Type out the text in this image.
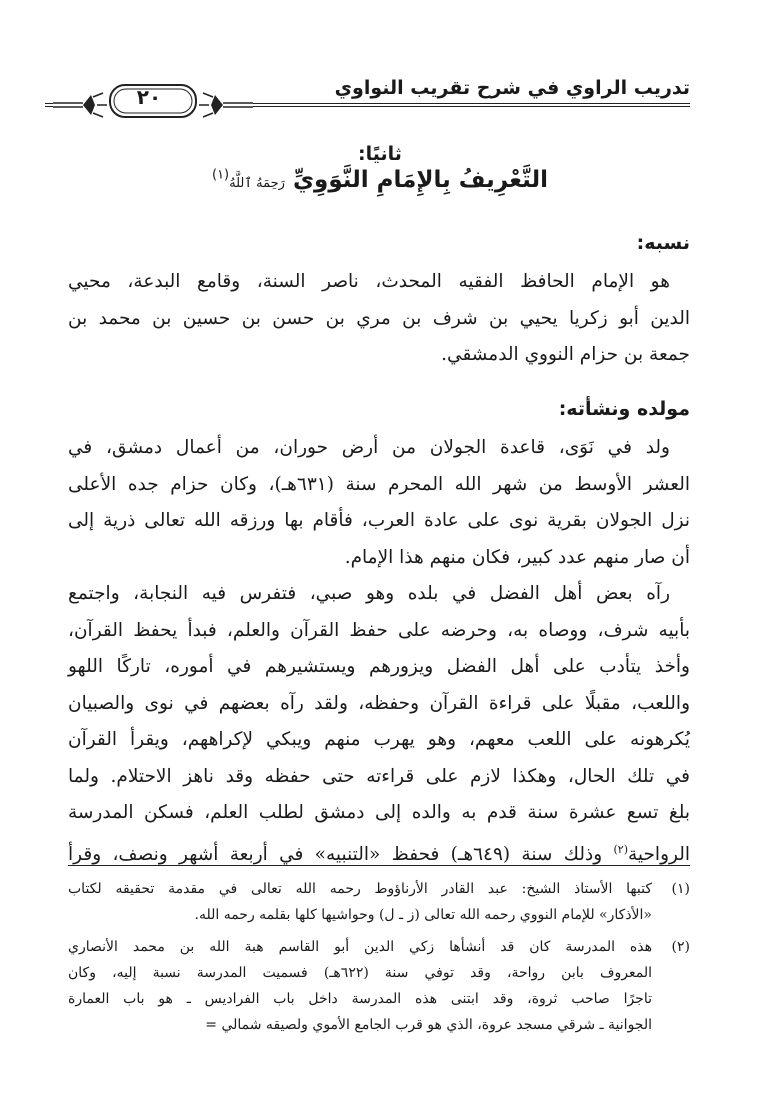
تدريب الراوي في شرح تقريب النواوي
٢٠
ثانيًا:
التَّعْرِيفُ بِالإِمَامِ النَّوَوِيِّ رَحِمَهُ ٱللَّهُ$^{(١)}$
نسبه:
هو الإمام الحافظ الفقيه المحدث، ناصر السنة، وقامع البدعة، محيي
الدين أبو زكريا يحيي بن شرف بن مري بن حسن بن حسين بن محمد بن
جمعة بن حزام النووي الدمشقي.
مولده ونشأته:
ولد في نَوَى، قاعدة الجولان من أرض حوران، من أعمال دمشق، في
العشر الأوسط من شهر الله المحرم سنة (٦٣١هـ)، وكان حزام جده الأعلى
نزل الجولان بقرية نوى على عادة العرب، فأقام بها ورزقه الله تعالى ذرية إلى
أن صار منهم عدد كبير، فكان منهم هذا الإمام.
رآه بعض أهل الفضل في بلده وهو صبي، فتفرس فيه النجابة، واجتمع
بأبيه شرف، ووصاه به، وحرضه على حفظ القرآن والعلم، فبدأ يحفظ القرآن،
وأخذ يتأدب على أهل الفضل ويزورهم ويستشيرهم في أموره، تاركًا اللهو
واللعب، مقبلًا على قراءة القرآن وحفظه، ولقد رآه بعضهم في نوى والصبيان
يُكرهونه على اللعب معهم، وهو يهرب منهم ويبكي لإكراههم، ويقرأ القرآن
في تلك الحال، وهكذا لازم على قراءته حتى حفظه وقد ناهز الاحتلام. ولما
بلغ تسع عشرة سنة قدم به والده إلى دمشق لطلب العلم، فسكن المدرسة
الرواحية$^{(٢)}$ وذلك سنة (٦٤٩هـ) فحفظ «التنبيه» في أربعة أشهر ونصف، وقرأ
(١)
كتبها الأستاذ الشيخ: عبد القادر الأرناؤوط رحمه الله تعالى في مقدمة تحقيقه لكتاب
«الأذكار» للإمام النووي رحمه الله تعالى (ز ـ ل) وحواشيها كلها بقلمه رحمه الله.
(٢)
هذه المدرسة كان قد أنشأها زكي الدين أبو القاسم هبة الله بن محمد الأنصاري
المعروف بابن رواحة، وقد توفي سنة (٦٢٢هـ) فسميت المدرسة نسبة إليه، وكان
تاجرًا صاحب ثروة، وقد ابتنى هذه المدرسة داخل باب الفراديس ـ هو باب العمارة
الجوانية ـ شرقي مسجد عروة، الذي هو قرب الجامع الأموي ولصيقه شمالي =
